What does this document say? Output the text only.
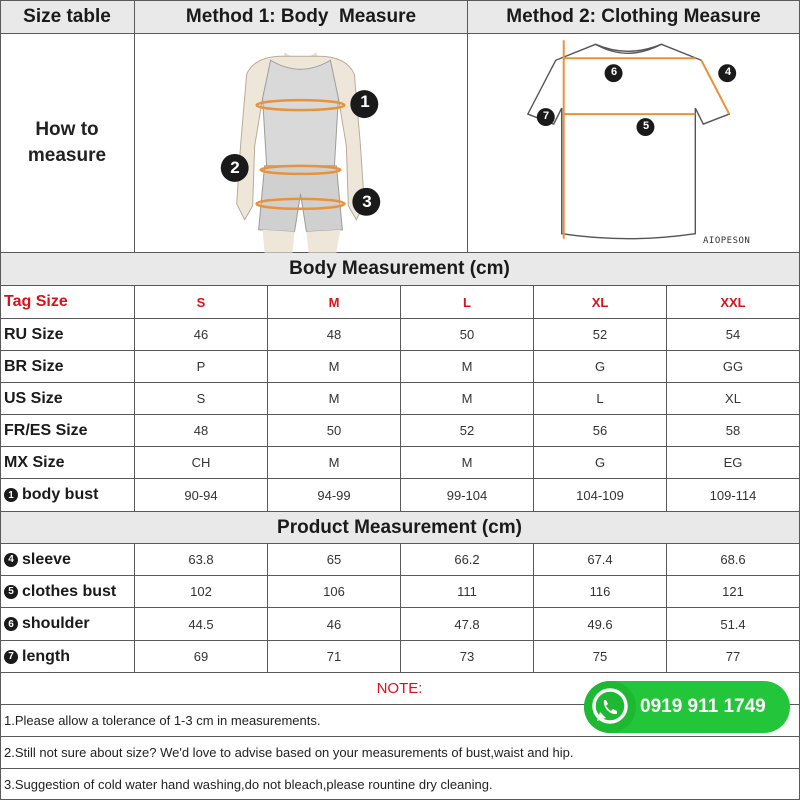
Size table	Method 1: Body  Measure	Method 2: Clothing Measure
How to
measure
1
2
3
6	4
7
5
AIOPESON
Body Measurement (cm)
Tag Size	S	M	L	XL	XXL
RU Size	46	48	50	52	54
BR Size	P	M	M	G	GG
US Size	S	M	M	L	XL
FR/ES Size	48	50	52	56	58
MX Size	CH	M	M	G	EG
1 body bust	90-94	94-99	99-104	104-109	109-114
Product Measurement (cm)
4 sleeve	63.8	65	66.2	67.4	68.6
5 clothes bust	102	106	111	116	121
6 shoulder	44.5	46	47.8	49.6	51.4
7 length	69	71	73	75	77
NOTE:
1.Please allow a tolerance of 1-3 cm in measurements.
2.Still not sure about size? We'd love to advise based on your measurements of bust,waist and hip.
3.Suggestion of cold water hand washing,do not bleach,please rountine dry cleaning.
0919 911 1749
